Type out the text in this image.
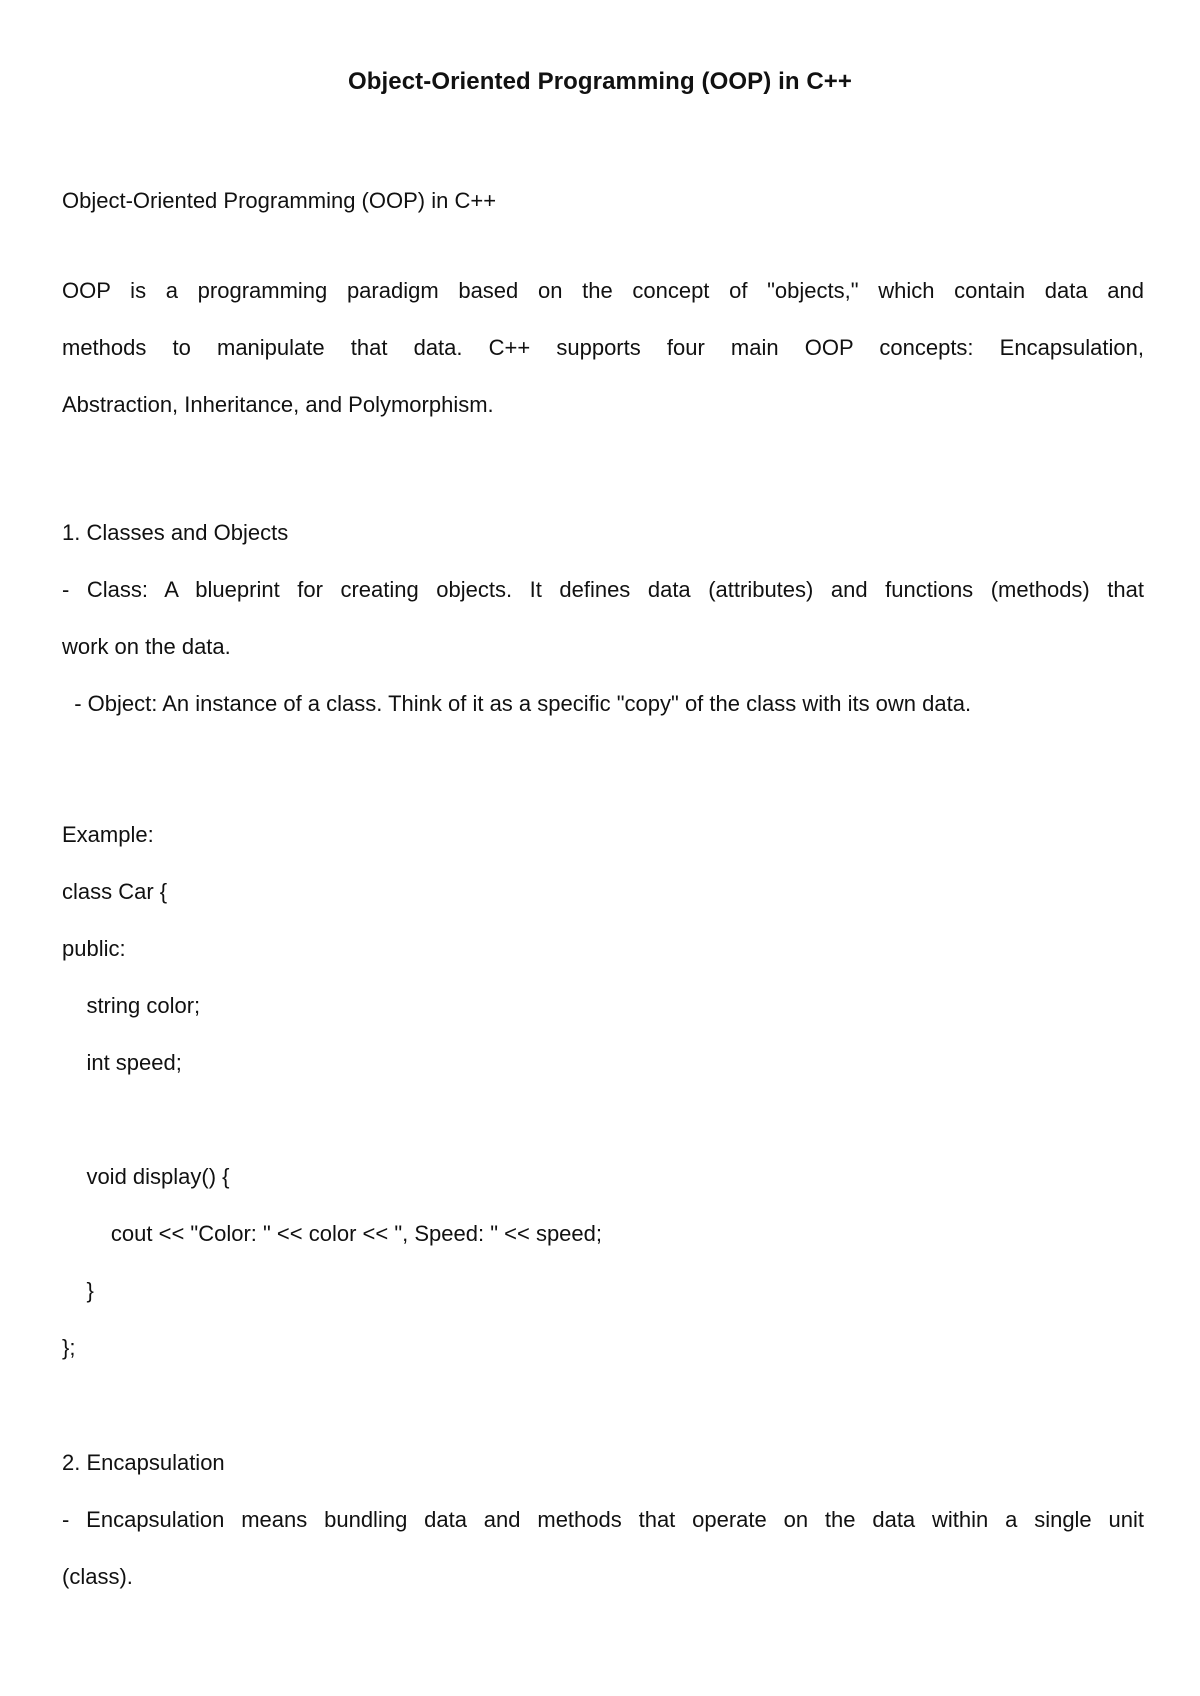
Object-Oriented Programming (OOP) in C++

Object-Oriented Programming (OOP) in C++

OOP is a programming paradigm based on the concept of "objects," which contain data and

methods to manipulate that data. C++ supports four main OOP concepts: Encapsulation,

Abstraction, Inheritance, and Polymorphism.

1. Classes and Objects

- Class: A blueprint for creating objects. It defines data (attributes) and functions (methods) that

work on the data.

- Object: An instance of a class. Think of it as a specific "copy" of the class with its own data.

Example:

class Car {

public:

string color;

int speed;

void display() {

cout << "Color: " << color << ", Speed: " << speed;

}

};

2. Encapsulation

- Encapsulation means bundling data and methods that operate on the data within a single unit

(class).
